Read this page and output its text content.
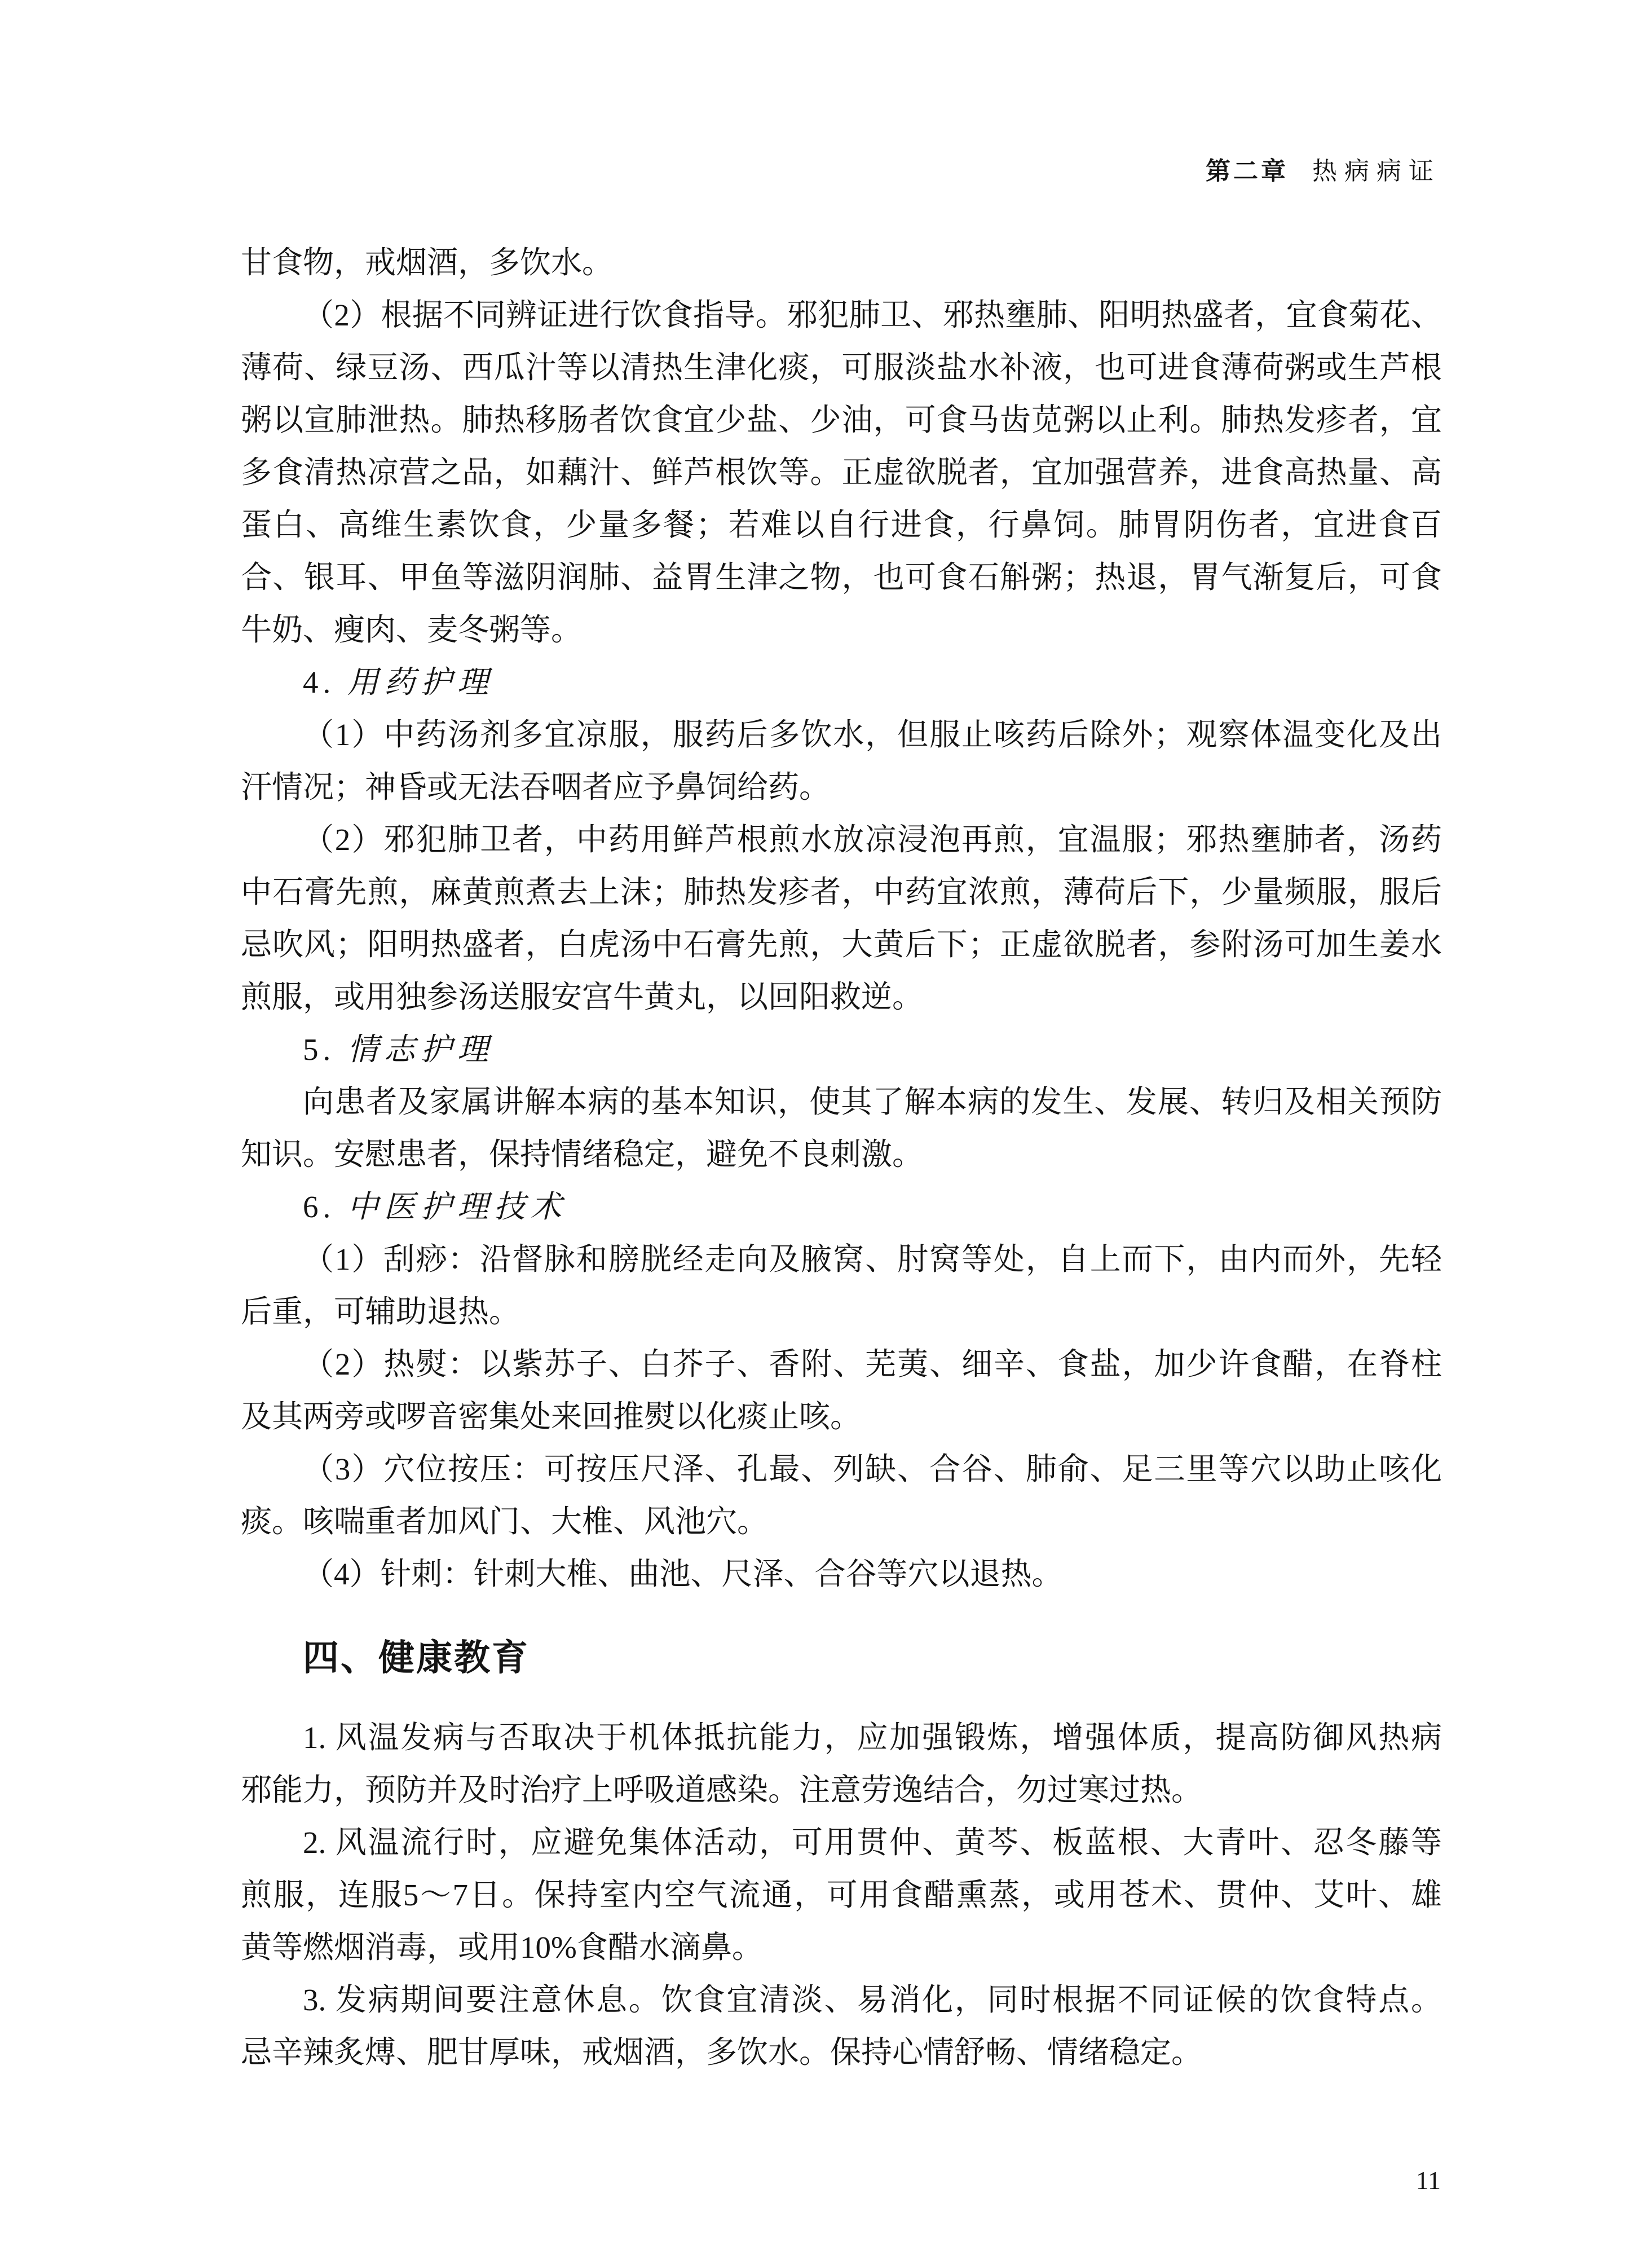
第二章 热病病证
甘食物，戒烟酒，多饮水。
（2）根据不同辨证进行饮食指导。邪犯肺卫、邪热壅肺、阳明热盛者，宜食菊花、
薄荷、绿豆汤、西瓜汁等以清热生津化痰，可服淡盐水补液，也可进食薄荷粥或生芦根
粥以宣肺泄热。肺热移肠者饮食宜少盐、少油，可食马齿苋粥以止利。肺热发疹者，宜
多食清热凉营之品，如藕汁、鲜芦根饮等。正虚欲脱者，宜加强营养，进食高热量、高
蛋白、高维生素饮食，少量多餐；若难以自行进食，行鼻饲。肺胃阴伤者，宜进食百
合、银耳、甲鱼等滋阴润肺、益胃生津之物，也可食石斛粥；热退，胃气渐复后，可食
牛奶、瘦肉、麦冬粥等。
4. 用药护理
（1）中药汤剂多宜凉服，服药后多饮水，但服止咳药后除外；观察体温变化及出
汗情况；神昏或无法吞咽者应予鼻饲给药。
（2）邪犯肺卫者，中药用鲜芦根煎水放凉浸泡再煎，宜温服；邪热壅肺者，汤药
中石膏先煎，麻黄煎煮去上沫；肺热发疹者，中药宜浓煎，薄荷后下，少量频服，服后
忌吹风；阳明热盛者，白虎汤中石膏先煎，大黄后下；正虚欲脱者，参附汤可加生姜水
煎服，或用独参汤送服安宫牛黄丸，以回阳救逆。
5. 情志护理
向患者及家属讲解本病的基本知识，使其了解本病的发生、发展、转归及相关预防
知识。安慰患者，保持情绪稳定，避免不良刺激。
6. 中医护理技术
（1）刮痧：沿督脉和膀胱经走向及腋窝、肘窝等处，自上而下，由内而外，先轻
后重，可辅助退热。
（2）热熨：以紫苏子、白芥子、香附、芜荑、细辛、食盐，加少许食醋，在脊柱
及其两旁或啰音密集处来回推熨以化痰止咳。
（3）穴位按压：可按压尺泽、孔最、列缺、合谷、肺俞、足三里等穴以助止咳化
痰。咳喘重者加风门、大椎、风池穴。
（4）针刺：针刺大椎、曲池、尺泽、合谷等穴以退热。
四、健康教育
1. 风温发病与否取决于机体抵抗能力，应加强锻炼，增强体质，提高防御风热病
邪能力，预防并及时治疗上呼吸道感染。注意劳逸结合，勿过寒过热。
2. 风温流行时，应避免集体活动，可用贯仲、黄芩、板蓝根、大青叶、忍冬藤等
煎服，连服5～7日。保持室内空气流通，可用食醋熏蒸，或用苍术、贯仲、艾叶、雄
黄等燃烟消毒，或用10%食醋水滴鼻。
3. 发病期间要注意休息。饮食宜清淡、易消化，同时根据不同证候的饮食特点。
忌辛辣炙煿、肥甘厚味，戒烟酒，多饮水。保持心情舒畅、情绪稳定。
11
